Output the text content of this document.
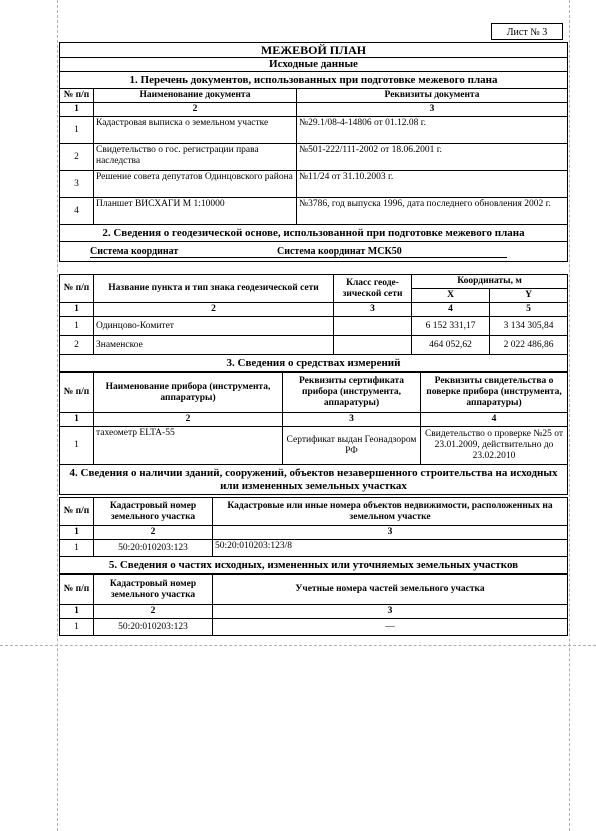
Лист № 3
МЕЖЕВОЙ ПЛАН		
Исходные данные		
1. Перечень документов, использованных при подготовке межевого плана		
№ п/п	Наименование документа	Реквизиты документа
1	2	3
1	Кадастровая выписка о земельном участке	№29.1/08-4-14806 от 01.12.08 г.
2	Свидетельство о гос. регистрации права наследства	№501-222/111-2002 от 18.06.2001 г.
3	Решение совета депутатов Одинцовского района	№11/24 от 31.10.2003 г.
4	Планшет ВИСХАГИ М 1:10000	№3786, год выпуска 1996, дата последнего обновления 2002 г.
2. Сведения о геодезической основе, использованной при подготовке межевого плана		
Система координат Система координат МСК50		
№ п/п	Название пункта и тип знака геодезической сети	Класс геоде-зической сети	Координаты, м	
			X	Y
1	2	3	4	5
1	Одинцово-Комитет		6 152 331,17	3 134 305,84
2	Знаменское		464 052,62	2 022 486,86
3. Сведения о средствах измерений				
№ п/п	Наименование прибора (инструмента, аппаратуры)	Реквизиты сертификата прибора (инструмента, аппаратуры)	Реквизиты свидетельства о поверке прибора (инструмента, аппаратуры)
1	2	3	4
1	тахеометр ELTA-55	Сертификат выдан Геонадзором РФ	Свидетельство о проверке №25 от 23.01.2009, действительно до 23.02.2010
4. Сведения о наличии зданий, сооружений, объектов незавершенного строительства на исходных или измененных земельных участках			
№ п/п	Кадастровый номер земельного участка	Кадастровые или иные номера объектов недвижимости, расположенных на земельном участке
1	2	3
1	50:20:010203:123	50:20:010203:123/8
5. Сведения о частях исходных, измененных или уточняемых земельных участков		
№ п/п	Кадастровый номер земельного участка	Учетные номера частей земельного участка
1	2	3
1	50:20:010203:123	—
